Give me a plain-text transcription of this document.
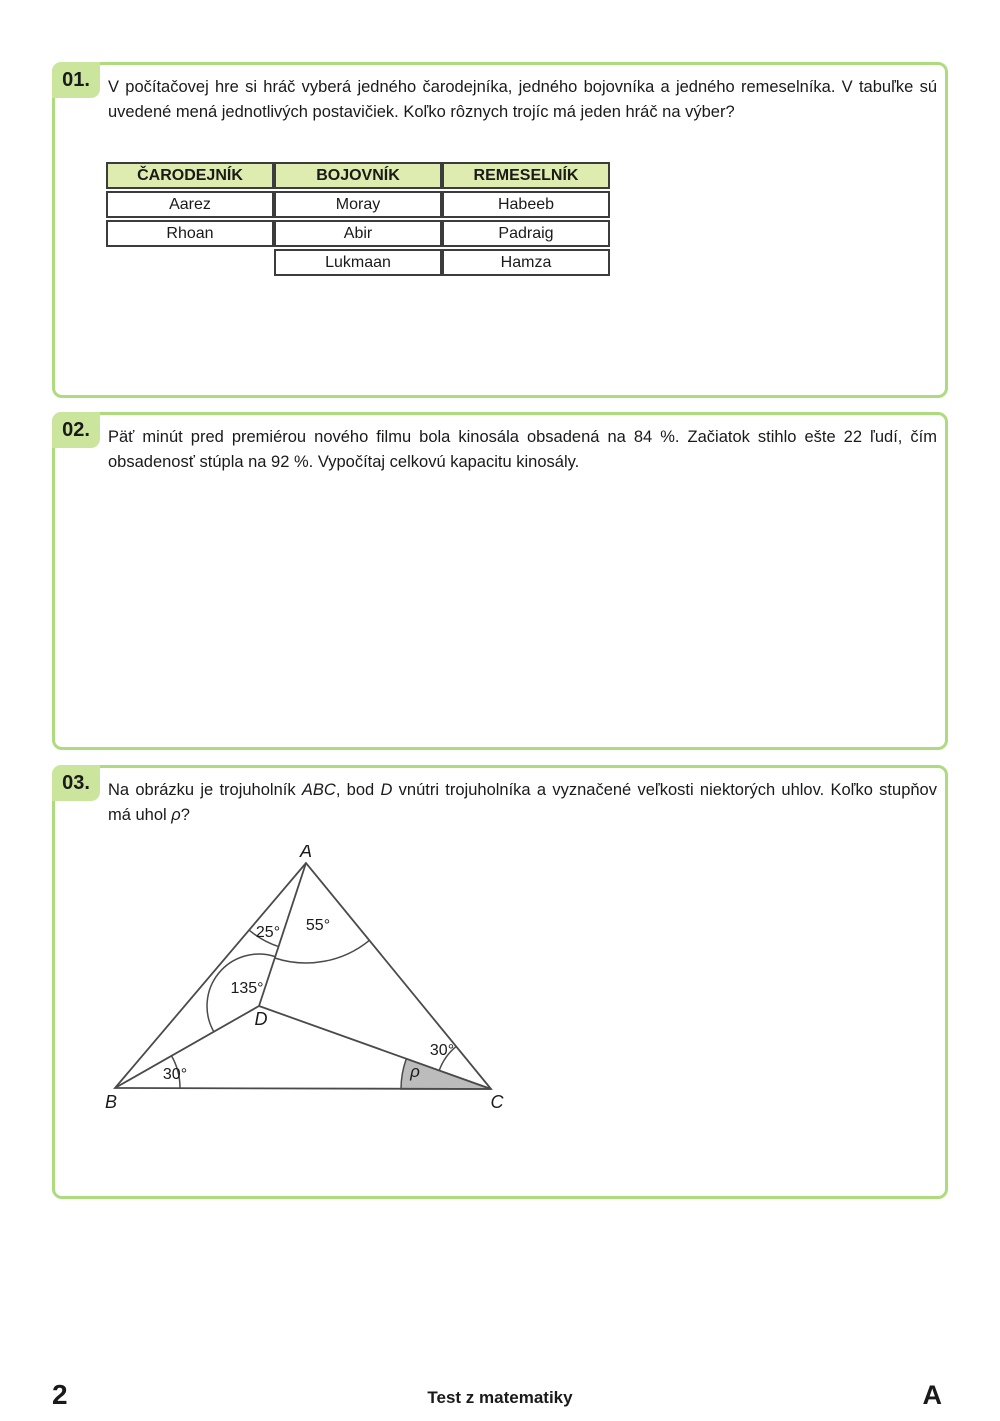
01.	V počítačovej hre si hráč vyberá jedného čarodejníka, jedného bojovníka a jedného remeselníka. V tabuľke sú uvedené mená jednotlivých postavičiek. Koľko rôznych trojíc má jeden hráč na výber?

ČARODEJNÍK	BOJOVNÍK	REMESELNÍK
Aarez	Moray	Habeeb
Rhoan	Abir	Padraig
	Lukmaan	Hamza
02.	Päť minút pred premiérou nového filmu bola kinosála obsadená na 84 %. Začiatok stihlo ešte 22 ľudí, čím obsadenosť stúpla na 92 %. Vypočítaj celkovú kapacitu kinosály.

03.	Na obrázku je trojuholník ABC, bod D vnútri trojuholníka a vyznačené veľkosti niektorých uhlov. Koľko stupňov má uhol ρ?

A
B	C
D
25° 55°
135°
30°
30°
ρ
2	Test z matematiky	A
